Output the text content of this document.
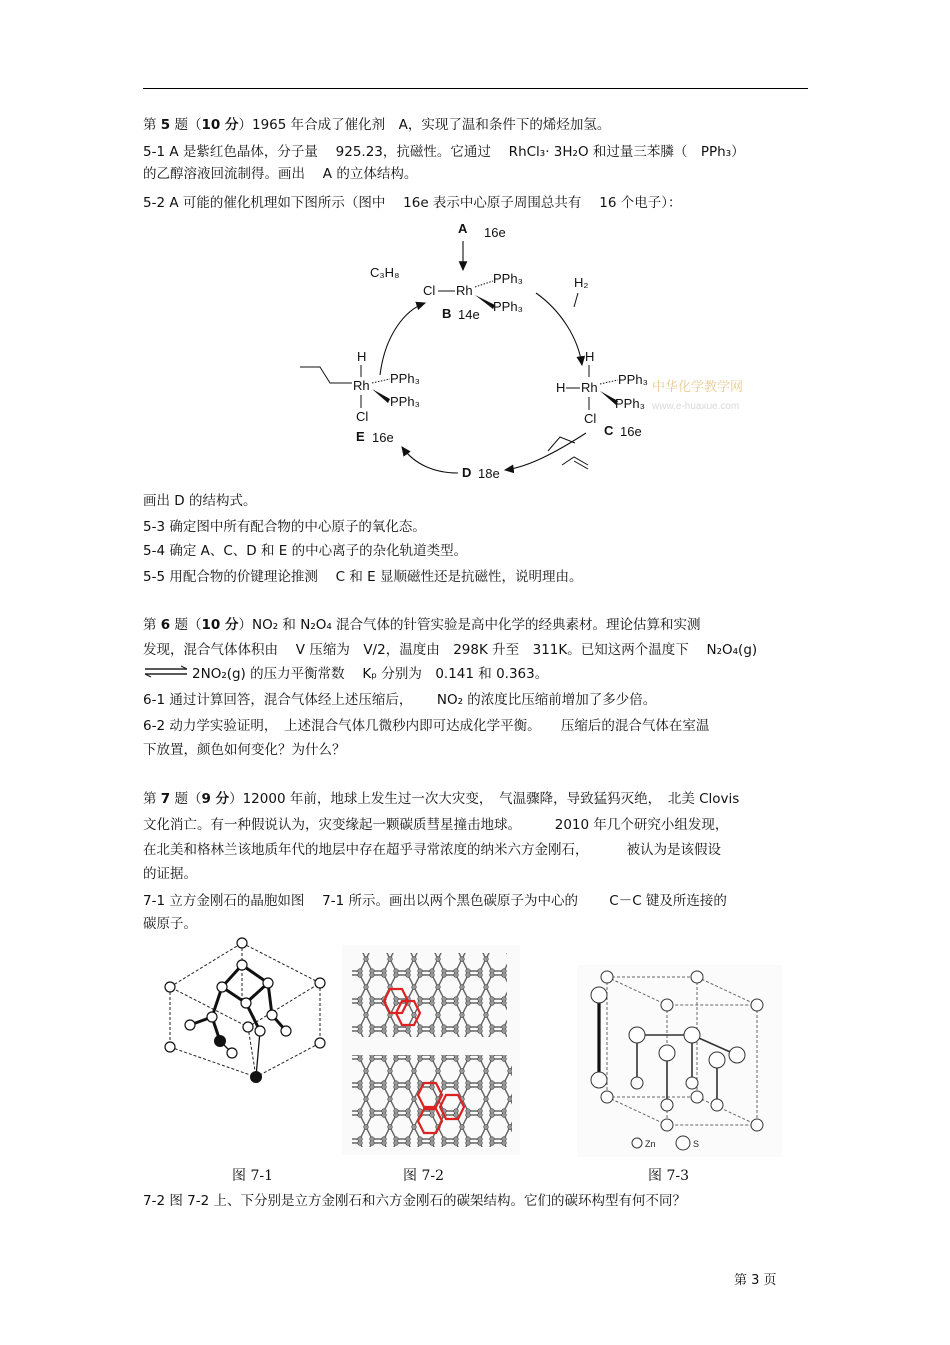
第 5 题（10 分）1965 年合成了催化剂　A，实现了温和条件下的烯烃加氢。
5-1 A 是紫红色晶体，分子量　 925.23，抗磁性。它通过　 RhCl₃· 3H₂O 和过量三苯膦（　PPh₃）
的乙醇溶液回流制得。画出　 A 的立体结构。
5-2 A 可能的催化机理如下图所示（图中　 16e 表示中心原子周围总共有　 16 个电子）：
A 16e
Cl Rh
PPh₃
PPh₃
B 14e
C₃H₈
H₂
H
Rh PPh₃
PPh₃
Cl
E 16e
H
H Rh
PPh₃
PPh₃
Cl
C 16e
中华化学教学网
www.e-huaxue.com
D 18e
画出 D 的结构式。
5-3 确定图中所有配合物的中心原子的氧化态。
5-4 确定 A、C、D 和 E 的中心离子的杂化轨道类型。
5-5 用配合物的价键理论推测　 C 和 E 显顺磁性还是抗磁性，说明理由。
第 6 题（10 分）NO₂ 和 N₂O₄ 混合气体的针管实验是高中化学的经典素材。理论估算和实测
发现，混合气体体积由　 V 压缩为　V/2，温度由　298K 升至　311K。已知这两个温度下　 N₂O₄(g)
⇌ 2NO₂(g) 的压力平衡常数　 Kₚ 分别为　0.141 和 0.363。
6-1 通过计算回答，混合气体经上述压缩后，　　 NO₂ 的浓度比压缩前增加了多少倍。
6-2 动力学实验证明，　上述混合气体几微秒内即可达成化学平衡。　　压缩后的混合气体在室温
下放置，颜色如何变化？为什么？
第 7 题（9 分）12000 年前，地球上发生过一次大灾变，　气温骤降，导致猛犸灭绝，　北美 Clovis
文化消亡。有一种假说认为，灾变缘起一颗碳质彗星撞击地球。　　　2010 年几个研究小组发现，
在北美和格林兰该地质年代的地层中存在超乎寻常浓度的纳米六方金刚石，　　　 被认为是该假设
的证据。
7-1 立方金刚石的晶胞如图　 7-1 所示。画出以两个黑色碳原子为中心的　　 C－C 键及所连接的
碳原子。
Zn	S
图 7-1	图 7-2	图 7-3
7-2 图 7-2 上、下分别是立方金刚石和六方金刚石的碳架结构。它们的碳环构型有何不同？
第 3 页
